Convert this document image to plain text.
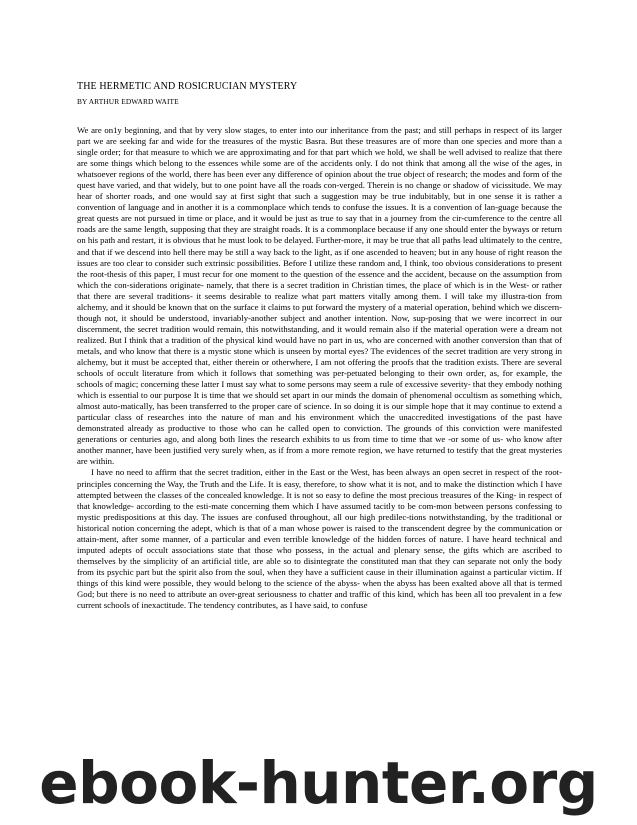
THE HERMETIC AND ROSICRUCIAN MYSTERY
BY ARTHUR EDWARD WAITE

We are on1y beginning, and that by very slow stages, to enter into our inheritance from the past; and still perhaps in respect of its larger part we are seeking far and wide for the treasures of the mystic Basra. But these treasures are of more than one species and more than a single order; for that measure to which we are approximating and for that part which we hold, we shall be well advised to realize that there are some things which belong to the essences while some are of the accidents only. I do not think that among all the wise of the ages, in whatsoever regions of the world, there has been ever any difference of opinion about the true object of research; the modes and form of the quest have varied, and that widely, but to one point have all the roads con-verged. Therein is no change or shadow of vicissitude. We may hear of shorter roads, and one would say at first sight that such a suggestion may be true indubitably, but in one sense it is rather a convention of language and in another it is a commonplace which tends to confuse the issues. It is a convention of lan-guage because the great quests are not pursued in time or place, and it would be just as true to say that in a journey from the cir-cumference to the centre all roads are the same length, supposing that they are straight roads. It is a commonplace because if any one should enter the byways or return on his path and restart, it is obvious that he must look to be delayed. Further-more, it may be true that all paths lead ultimately to the centre, and that if we descend into hell there may be still a way back to the light, as if one ascended to heaven; but in any house of right reason the issues are too clear to consider such extrinsic possibilities. Before I utilize these random and, I think, too obvious considerations to present the root-thesis of this paper, I must recur for one moment to the question of the essence and the accident, because on the assumption from which the con-siderations originate- namely, that there is a secret tradition in Christian times, the place of which is in the West- or rather that there are several traditions- it seems desirable to realize what part matters vitally among them. I will take my illustra-tion from alchemy, and it should be known that on the surface it claims to put forward the mystery of a material operation, behind which we discern- though not, it should be understood, invariably-another subject and another intention. Now, sup-posing that we were incorrect in our discernment, the secret tradition would remain, this notwithstanding, and it would remain also if the material operation were a dream not realized. But I think that a tradition of the physical kind would have no part in us, who are concerned with another conversion than that of metals, and who know that there is a mystic stone which is unseen by mortal eyes? The evidences of the secret tradition are very strong in alchemy, but it must be accepted that, either therein or otherwhere, I am not offering the proofs that the tradition exists. There are several schools of occult literature from which it follows that something was per-petuated belonging to their own order, as, for example, the schools of magic; concerning these latter I must say what to some persons may seem a rule of excessive severity- that they embody nothing which is essential to our purpose It is time that we should set apart in our minds the domain of phenomenal occultism as something which, almost auto-matically, has been transferred to the proper care of science. In so doing it is our simple hope that it may continue to extend a particular class of researches into the nature of man and his environment which the unaccredited investigations of the past have demonstrated already as productive to those who can he called open to conviction. The grounds of this conviction were manifested generations or centuries ago, and along both lines the research exhibits to us from time to time that we -or some of us- who know after another manner, have been justified very surely when, as if from a more remote region, we have returned to testify that the great mysteries are within.

I have no need to affirm that the secret tradition, either in the East or the West, has been always an open secret in respect of the root-principles concerning the Way, the Truth and the Life. It is easy, therefore, to show what it is not, and to make the distinction which I have attempted between the classes of the concealed knowledge. It is not so easy to define the most precious treasures of the King- in respect of that knowledge- according to the esti-mate concerning them which I have assumed tacitly to be com-mon between persons confessing to mystic predispositions at this day. The issues are confused throughout, all our high predilec-tions notwithstanding, by the traditional or historical notion concerning the adept, which is that of a man whose power is raised to the transcendent degree by the communication or attain-ment, after some manner, of a particular and even terrible knowledge of the hidden forces of nature. I have heard technical and imputed adepts of occult associations state that those who possess, in the actual and plenary sense, the gifts which are ascribed to themselves by the simplicity of an artificial title, are able so to disintegrate the constituted man that they can separate not only the body from its psychic part but the spirit also from the soul, when they have a sufficient cause in their illumination against a particular victim. If things of this kind were possible, they would belong to the science of the abyss- when the abyss has been exalted above all that is termed God; but there is no need to attribute an over-great seriousness to chatter and traffic of this kind, which has been all too prevalent in a few current schools of inexactitude. The tendency contributes, as I have said, to confuse

ebook-hunter.org
